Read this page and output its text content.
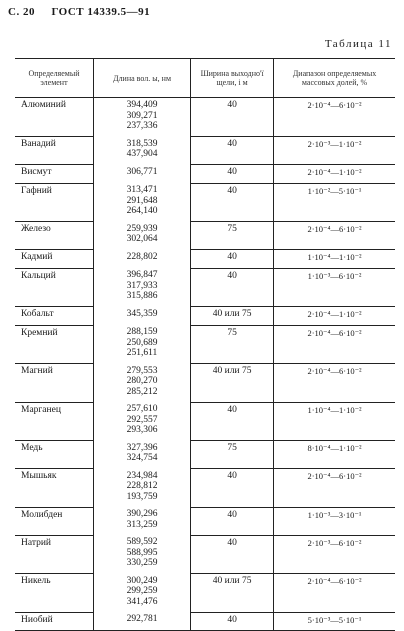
С. 20 ГОСТ 14339.5—91
Таблица 11
Определяемый элемент	Длина вол. ы, нм	Ширина выходно'ї щели, і м	Диапазон определяемых массовых долей, %
Алюминий	394,409
309,271
237,336	40	2·10⁻⁴—6·10⁻²
Ванадий	318,539
437,904	40	2·10⁻³—1·10⁻²
Висмут	306,771	40	2·10⁻⁴—1·10⁻²
Гафний	313,471
291,648
264,140	40	1·10⁻²—5·10⁻¹
Железо	259,939
302,064	75	2·10⁻⁴—6·10⁻²
Кадмий	228,802	40	1·10⁻⁴—1·10⁻²
Кальций	396,847
317,933
315,886	40	1·10⁻³—6·10⁻²
Кобальт	345,359	40 или 75	2·10⁻⁴—1·10⁻²
Кремний	288,159
250,689
251,611	75	2·10⁻⁴—6·10⁻²
Магний	279,553
280,270
285,212	40 или 75	2·10⁻⁴—6·10⁻²
Марганец	257,610
292,557
293,306	40	1·10⁻⁴—1·10⁻²
Медь	327,396
324,754	75	8·10⁻⁴—1·10⁻²
Мышьяк	234,984
228,812
193,759	40	2·10⁻⁴—6·10⁻²
Молибден	390,296
313,259	40	1·10⁻³—3·10⁻¹
Натрий	589,592
588,995
330,259	40	2·10⁻³—6·10⁻²
Никель	300,249
299,259
341,476	40 или 75	2·10⁻⁴—6·10⁻²
Ниобий	292,781	40	5·10⁻³—5·10⁻¹
